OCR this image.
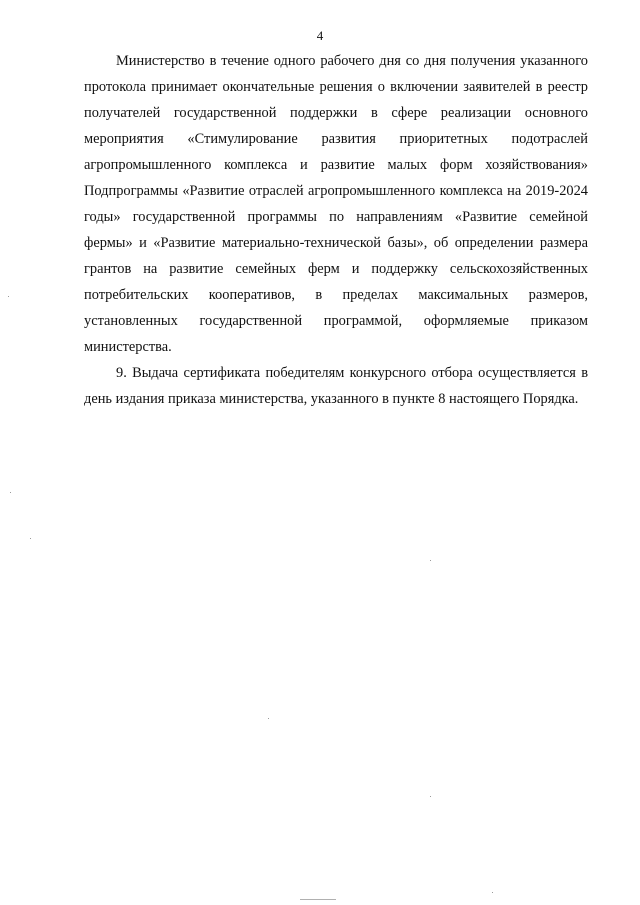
4

Министерство в течение одного рабочего дня со дня получения указанного протокола принимает окончательные решения о включении заявителей в реестр получателей государственной поддержки в сфере реализации основного мероприятия «Стимулирование развития приоритетных подотраслей агропромышленного комплекса и развитие малых форм хозяйствования» Подпрограммы «Развитие отраслей агропромышленного комплекса на 2019-2024 годы» государственной программы по направлениям «Развитие семейной фермы» и «Развитие материально-технической базы», об определении размера грантов на развитие семейных ферм и поддержку сельскохозяйственных потребительских кооперативов, в пределах максимальных размеров, установленных государственной программой, оформляемые приказом министерства.

9. Выдача сертификата победителям конкурсного отбора осуществляется в день издания приказа министерства, указанного в пункте 8 настоящего Порядка.
